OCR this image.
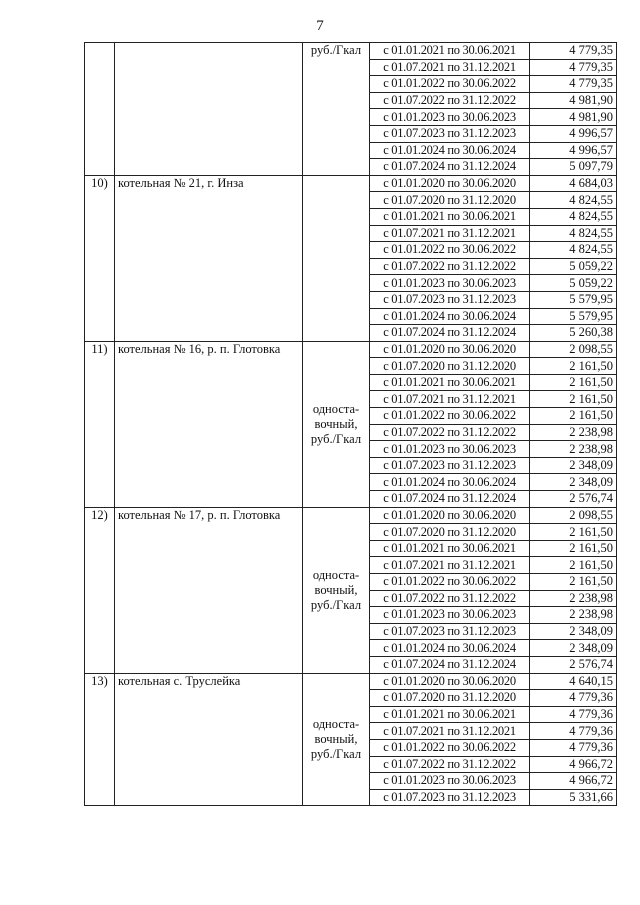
7
		руб./Гкал	с 01.01.2021 по 30.06.2021	4 779,35
			с 01.07.2021 по 31.12.2021	4 779,35
			с 01.01.2022 по 30.06.2022	4 779,35
			с 01.07.2022 по 31.12.2022	4 981,90
			с 01.01.2023 по 30.06.2023	4 981,90
			с 01.07.2023 по 31.12.2023	4 996,57
			с 01.01.2024 по 30.06.2024	4 996,57
			с 01.07.2024 по 31.12.2024	5 097,79
10)	котельная № 21, г. Инза		с 01.01.2020 по 30.06.2020	4 684,03
			с 01.07.2020 по 31.12.2020	4 824,55
			с 01.01.2021 по 30.06.2021	4 824,55
			с 01.07.2021 по 31.12.2021	4 824,55
			с 01.01.2022 по 30.06.2022	4 824,55
			с 01.07.2022 по 31.12.2022	5 059,22
			с 01.01.2023 по 30.06.2023	5 059,22
			с 01.07.2023 по 31.12.2023	5 579,95
			с 01.01.2024 по 30.06.2024	5 579,95
			с 01.07.2024 по 31.12.2024	5 260,38
11)	котельная № 16, р. п. Глотовка	односта-вочный, руб./Гкал	с 01.01.2020 по 30.06.2020	2 098,55
			с 01.07.2020 по 31.12.2020	2 161,50
			с 01.01.2021 по 30.06.2021	2 161,50
			с 01.07.2021 по 31.12.2021	2 161,50
			с 01.01.2022 по 30.06.2022	2 161,50
			с 01.07.2022 по 31.12.2022	2 238,98
			с 01.01.2023 по 30.06.2023	2 238,98
			с 01.07.2023 по 31.12.2023	2 348,09
			с 01.01.2024 по 30.06.2024	2 348,09
			с 01.07.2024 по 31.12.2024	2 576,74
12)	котельная № 17, р. п. Глотовка	односта-вочный, руб./Гкал	с 01.01.2020 по 30.06.2020	2 098,55
			с 01.07.2020 по 31.12.2020	2 161,50
			с 01.01.2021 по 30.06.2021	2 161,50
			с 01.07.2021 по 31.12.2021	2 161,50
			с 01.01.2022 по 30.06.2022	2 161,50
			с 01.07.2022 по 31.12.2022	2 238,98
			с 01.01.2023 по 30.06.2023	2 238,98
			с 01.07.2023 по 31.12.2023	2 348,09
			с 01.01.2024 по 30.06.2024	2 348,09
			с 01.07.2024 по 31.12.2024	2 576,74
13)	котельная с. Труслейка	односта-вочный, руб./Гкал	с 01.01.2020 по 30.06.2020	4 640,15
			с 01.07.2020 по 31.12.2020	4 779,36
			с 01.01.2021 по 30.06.2021	4 779,36
			с 01.07.2021 по 31.12.2021	4 779,36
			с 01.01.2022 по 30.06.2022	4 779,36
			с 01.07.2022 по 31.12.2022	4 966,72
			с 01.01.2023 по 30.06.2023	4 966,72
			с 01.07.2023 по 31.12.2023	5 331,66
